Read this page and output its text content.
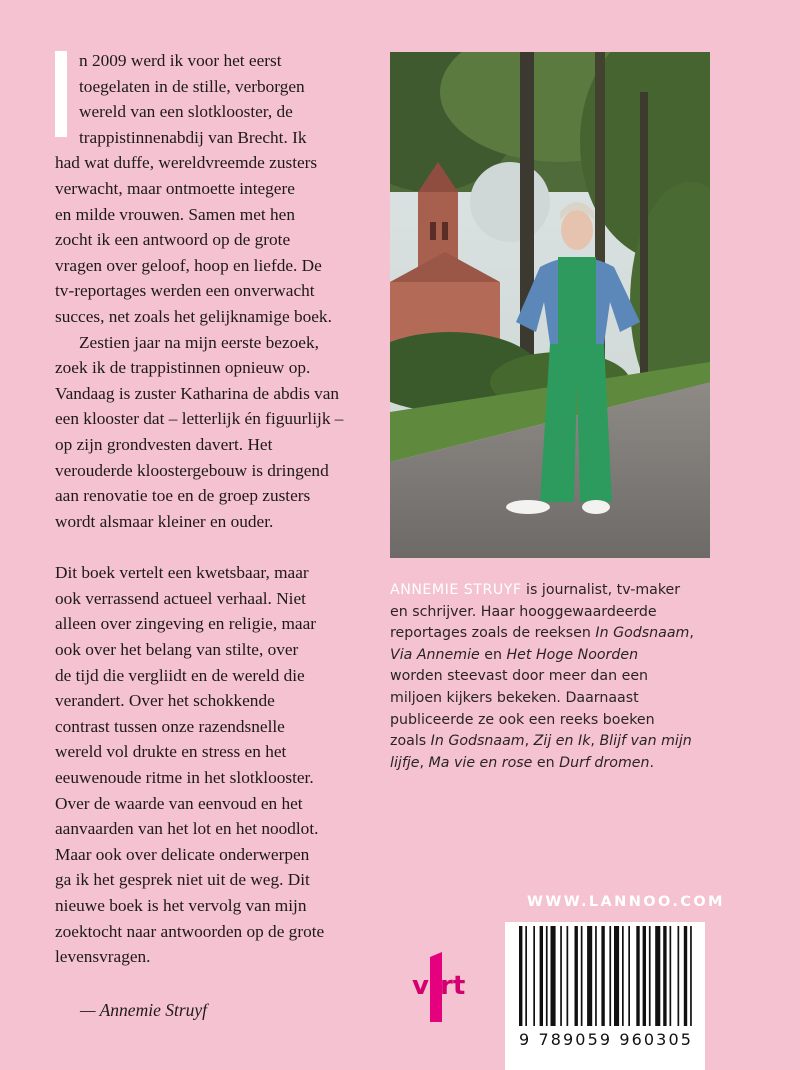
n 2009 werd ik voor het eerst
toegelaten in de stille, verborgen
wereld van een slotklooster, de
trappistinnenabdij van Brecht. Ik
had wat duffe, wereldvreemde zusters
verwacht, maar ontmoette integere
en milde vrouwen. Samen met hen
zocht ik een antwoord op de grote
vragen over geloof, hoop en liefde. De
tv-reportages werden een onverwacht
succes, net zoals het gelijknamige boek.
Zestien jaar na mijn eerste bezoek,
zoek ik de trappistinnen opnieuw op.
Vandaag is zuster Katharina de abdis van
een klooster dat – letterlijk én figuurlijk –
op zijn grondvesten davert. Het
verouderde kloostergebouw is dringend
aan renovatie toe en de groep zusters
wordt alsmaar kleiner en ouder.
Dit boek vertelt een kwetsbaar, maar
ook verrassend actueel verhaal. Niet
alleen over zingeving en religie, maar
ook over het belang van stilte, over
de tijd die vergliidt en de wereld die
verandert. Over het schokkende
contrast tussen onze razendsnelle
wereld vol drukte en stress en het
eeuwenoude ritme in het slotklooster.
Over de waarde van eenvoud en het
aanvaarden van het lot en het noodlot.
Maar ook over delicate onderwerpen
ga ik het gesprek niet uit de weg. Dit
nieuwe boek is het vervolg van mijn
zoektocht naar antwoorden op de grote
levensvragen.
— Annemie Struyf
ANNEMIE STRUYF is journalist, tv-maker
en schrijver. Haar hooggewaardeerde
reportages zoals de reeksen In Godsnaam,
Via Annemie en Het Hoge Noorden
worden steevast door meer dan een
miljoen kijkers bekeken. Daarnaast
publiceerde ze ook een reeks boeken
zoals In Godsnaam, Zij en Ik, Blijf van mijn
lijfje, Ma vie en rose en Durf dromen.
WWW.LANNOO.COM
v rt
9 789059 960305
